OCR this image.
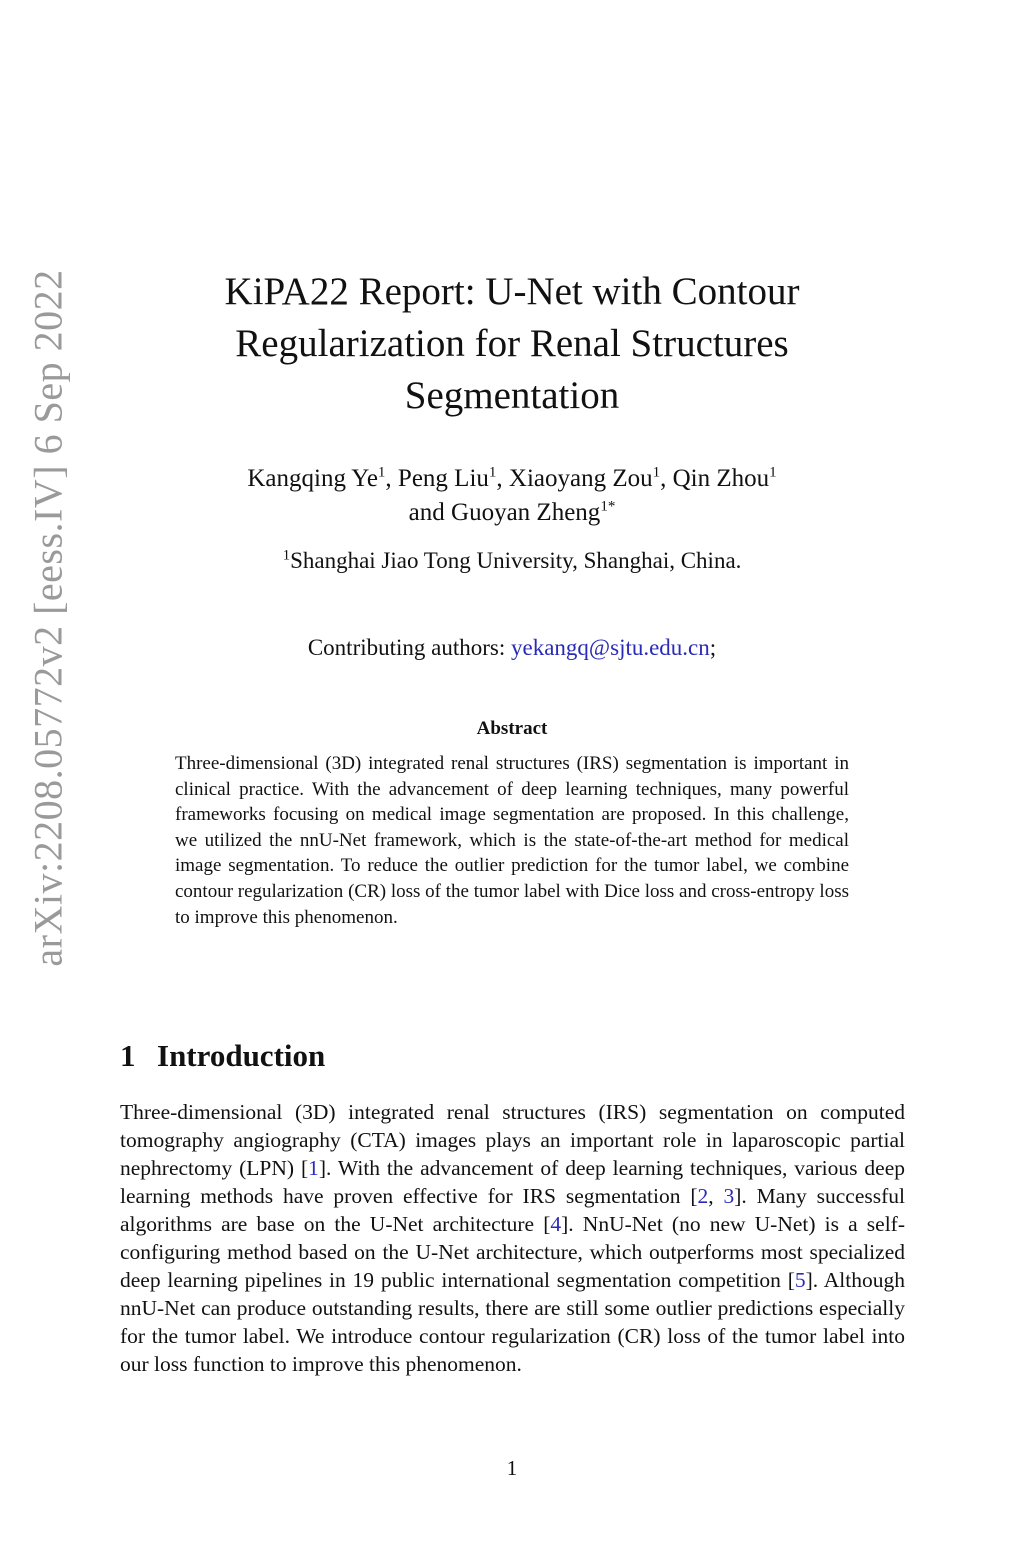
arXiv:2208.05772v2 [eess.IV] 6 Sep 2022	KiPA22 Report: U-Net with Contour
Regularization for Renal Structures
Segmentation
Kangqing Ye$^1$, Peng Liu$^1$, Xiaoyang Zou$^1$, Qin Zhou$^1$
and Guoyan Zheng$^{1*}$
$^1$Shanghai Jiao Tong University, Shanghai, China.
Contributing authors: yekangq@sjtu.edu.cn;
Abstract
Three-dimensional (3D) integrated renal structures (IRS) segmentation is important in clinical practice. With the advancement of deep learning techniques, many powerful frameworks focusing on medical image segmentation are proposed. In this challenge, we utilized the nnU-Net framework, which is the state-of-the-art method for medical image segmentation. To reduce the outlier prediction for the tumor label, we combine contour regularization (CR) loss of the tumor label with Dice loss and cross-entropy loss to improve this phenomenon.
1 Introduction
Three-dimensional (3D) integrated renal structures (IRS) segmentation on computed tomography angiography (CTA) images plays an important role in laparoscopic partial nephrectomy (LPN) [1]. With the advancement of deep learning techniques, various deep learning methods have proven effective for IRS segmentation [2, 3]. Many successful algorithms are base on the U-Net architecture [4]. NnU-Net (no new U-Net) is a self-configuring method based on the U-Net architecture, which outperforms most specialized deep learning pipelines in 19 public international segmentation competition [5]. Although nnU-Net can produce outstanding results, there are still some outlier predictions especially for the tumor label. We introduce contour regularization (CR) loss of the tumor label into our loss function to improve this phenomenon.
1
